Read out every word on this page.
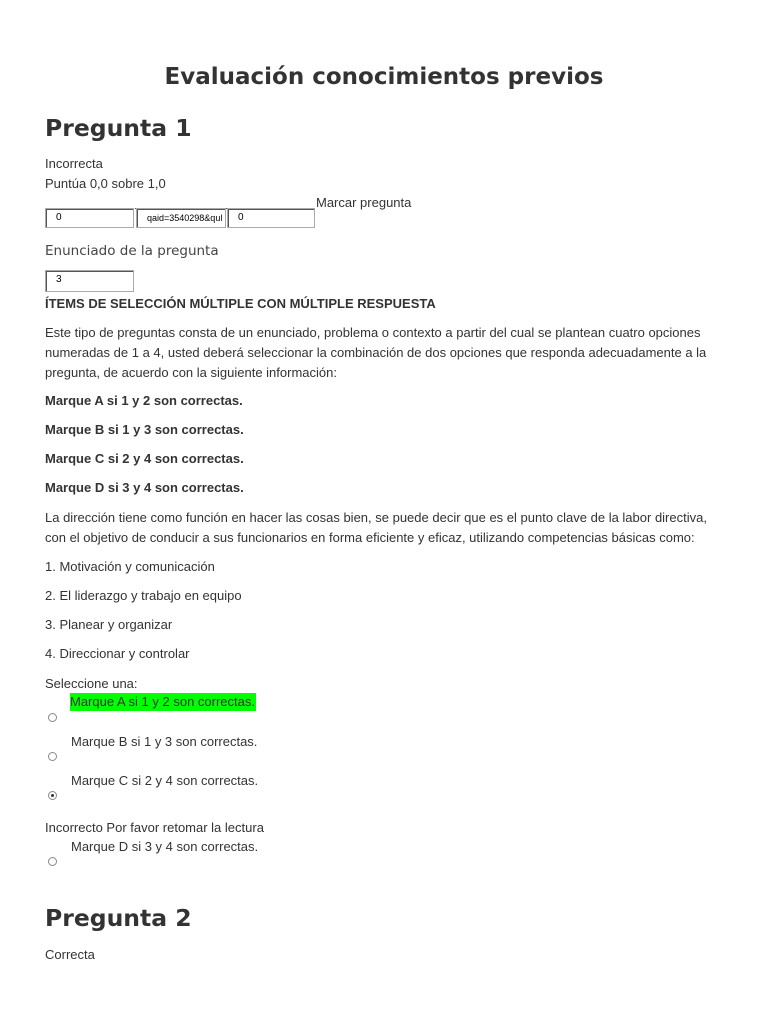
Evaluación conocimientos previos
Pregunta 1
Incorrecta
Puntúa 0,0 sobre 1,0
Marcar pregunta
0	qaid=3540298&qul	0
Enunciado de la pregunta
3
ÍTEMS DE SELECCIÓN MÚLTIPLE CON MÚLTIPLE RESPUESTA
Este tipo de preguntas consta de un enunciado, problema o contexto a partir del cual se plantean cuatro opciones
numeradas de 1 a 4, usted deberá seleccionar la combinación de dos opciones que responda adecuadamente a la
pregunta, de acuerdo con la siguiente información:
Marque A si 1 y 2 son correctas.
Marque B si 1 y 3 son correctas.
Marque C si 2 y 4 son correctas.
Marque D si 3 y 4 son correctas.
La dirección tiene como función en hacer las cosas bien, se puede decir que es el punto clave de la labor directiva,
con el objetivo de conducir a sus funcionarios en forma eficiente y eficaz, utilizando competencias básicas como:
1. Motivación y comunicación
2. El liderazgo y trabajo en equipo
3. Planear y organizar
4. Direccionar y controlar
Seleccione una:
Marque A si 1 y 2 son correctas.
Marque B si 1 y 3 son correctas.
Marque C si 2 y 4 son correctas.
Incorrecto Por favor retomar la lectura
Marque D si 3 y 4 son correctas.
Pregunta 2
Correcta
